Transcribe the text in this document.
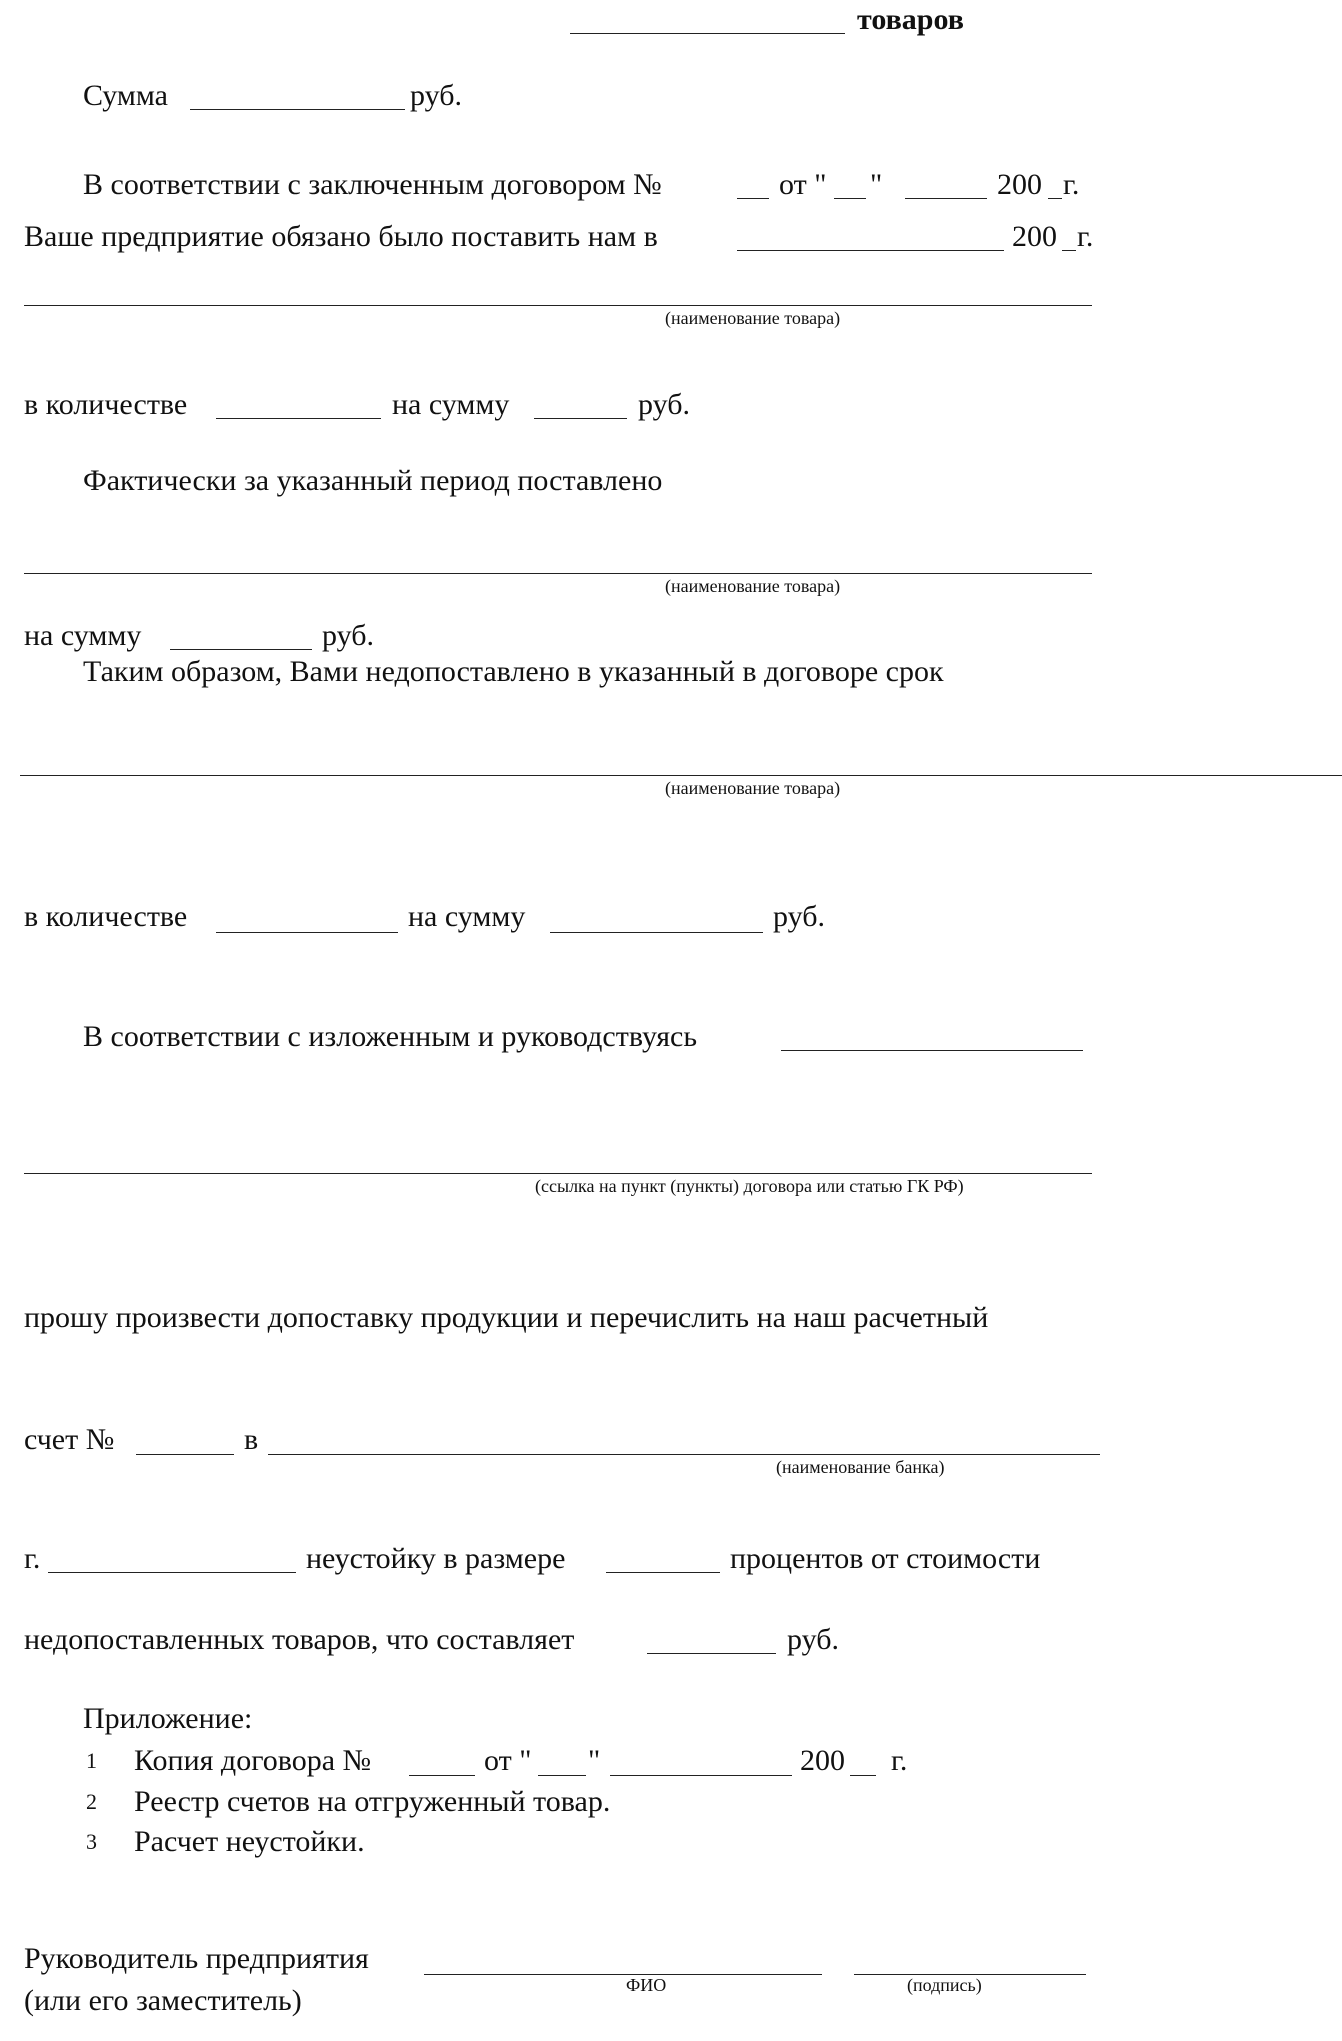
товаров
Сумма	руб.
В соответствии с заключенным договором №	от " "	200 г.
Ваше предприятие обязано было поставить нам в	200 г.
(наименование товара)
в количестве	на сумму	руб.
Фактически за указанный период поставлено
(наименование товара)
на сумму	руб.
Таким образом, Вами недопоставлено в указанный в договоре срок
(наименование товара)
в количестве	на сумму	руб.
В соответствии с изложенным и руководствуясь
(ссылка на пункт (пункты) договора или статью ГК РФ)
прошу произвести допоставку продукции и перечислить на наш расчетный
счет №	в
(наименование банка)
г.	неустойку в размере	процентов от стоимости
недопоставленных товаров, что составляет	руб.
Приложение:
1 Копия договора №	от " "	200 г.
2 Реестр счетов на отгруженный товар.
3 Расчет неустойки.
Руководитель предприятия
ФИО	(подпись)
(или его заместитель)
